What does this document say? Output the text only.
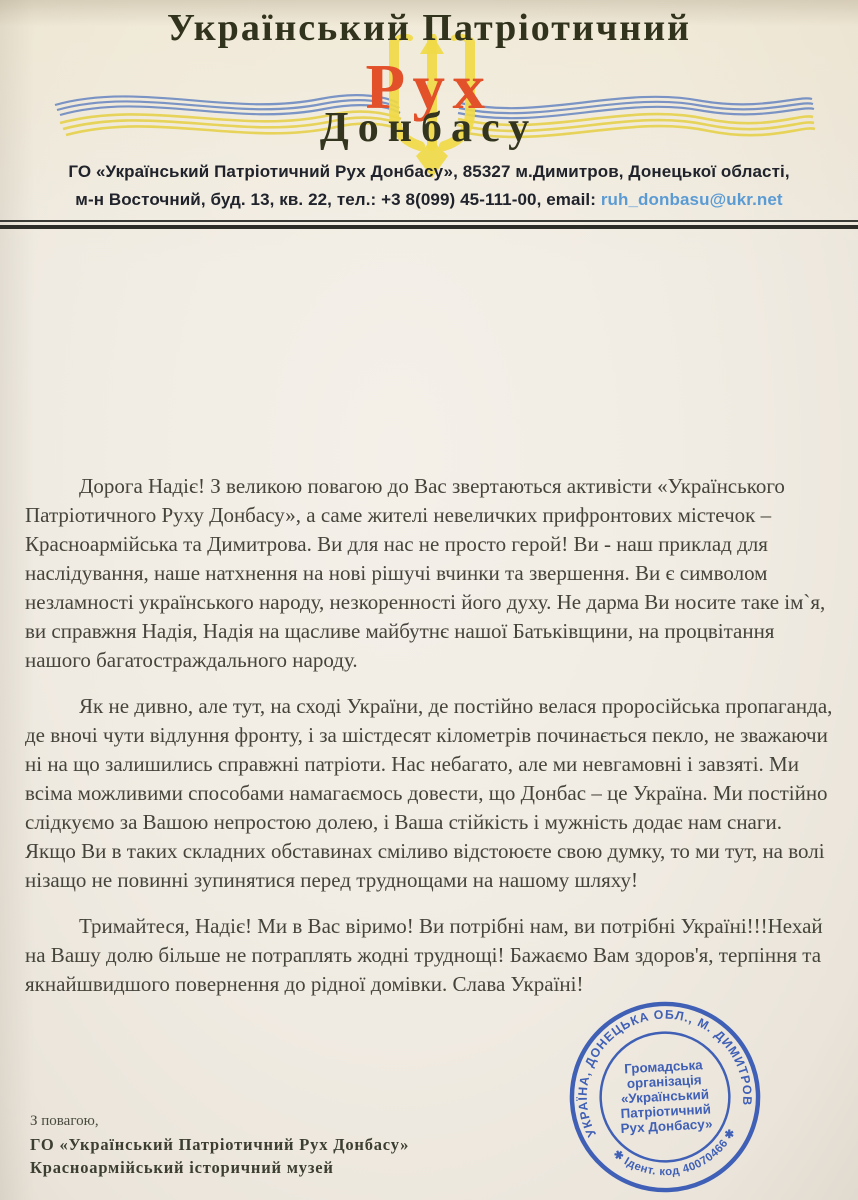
Український Патріотичний
Рух
Донбасу
ГО «Український Патріотичний Рух Донбасу», 85327 м.Димитров, Донецької області,
м-н Восточний, буд. 13, кв. 22, тел.: +3 8(099) 45-111-00, email: ruh_donbasu@ukr.net

Дорога Надіє! З великою повагою до Вас звертаються активісти «Українського Патріотичного Руху Донбасу», а саме жителі невеличких прифронтових містечок – Красноармійська та Димитрова. Ви для нас не просто герой! Ви - наш приклад для наслідування, наше натхнення на нові рішучі вчинки та звершення. Ви є символом незламності українського народу, незкоренності його духу. Не дарма Ви носите таке ім`я, ви справжня Надія, Надія на щасливе майбутнє нашої Батьківщини, на процвітання нашого багатостраждального народу.

Як не дивно, але тут, на сході України, де постійно велася проросійська пропаганда, де вночі чути відлуння фронту, і за шістдесят кілометрів починається пекло, не зважаючи ні на що залишились справжні патріоти. Нас небагато, але ми невгамовні і завзяті. Ми всіма можливими способами намагаємось довести, що Донбас – це Україна. Ми постійно слідкуємо за Вашою непростою долею, і Ваша стійкість і мужність додає нам снаги. Якщо Ви в таких складних обставинах сміливо відстоюєте свою думку, то ми тут, на волі нізащо не повинні зупинятися перед труднощами на нашому шляху!

Тримайтеся, Надіє! Ми в Вас віримо! Ви потрібні нам, ви потрібні Україні!!!Нехай на Вашу долю більше не потраплять жодні труднощі! Бажаємо Вам здоров'я, терпіння та якнайшвидшого повернення до рідної домівки. Слава Україні!

З повагою,
ГО «Український Патріотичний Рух Донбасу»
Красноармійський історичний музей
УКРАЇНА, ДОНЕЦЬКА ОБЛ., М. ДИМИТРОВ
✱ Ідент. код 40070466 ✱
Громадська
організація
«Український
Патріотичний
Рух Донбасу»
